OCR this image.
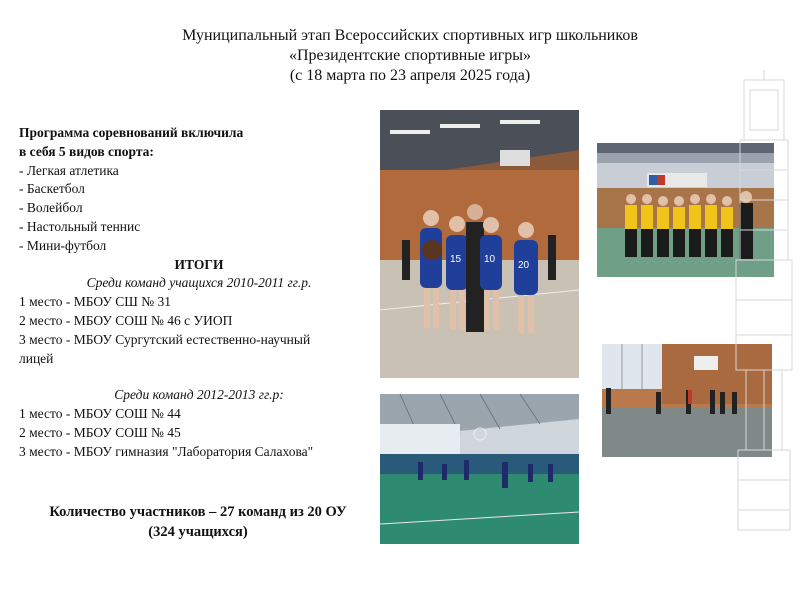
Муниципальный этап Всероссийских спортивных игр школьников
«Президентские спортивные игры»
(с 18 марта по 23 апреля 2025 года)
Программа соревнований включила
в себя 5 видов спорта:
- Легкая атлетика
- Баскетбол
- Волейбол
- Настольный теннис
- Мини-футбол
ИТОГИ
Среди команд учащихся 2010-2011 гг.р.
1 место - МБОУ СШ № 31
2 место - МБОУ СОШ № 46 с УИОП
3 место - МБОУ Сургутский естественно-научный
лицей
Среди команд 2012-2013 гг.р:
1 место - МБОУ СОШ № 44
2 место - МБОУ СОШ № 45
3 место - МБОУ гимназия "Лаборатория Салахова"
Количество участников – 27 команд из 20 ОУ
(324 учащихся)
15 10
20
